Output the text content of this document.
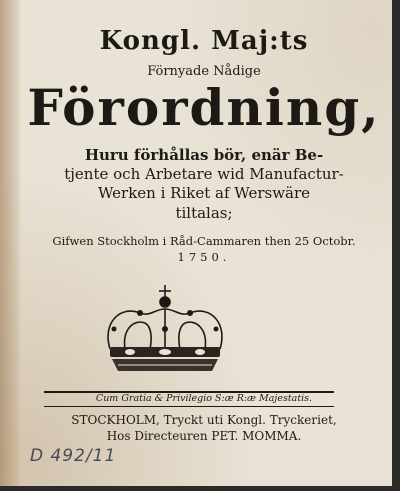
Kongl. Maj:ts
Förnyade Nådige
Förordning,
Huru förhållas bör, enär Be-
tjente och Arbetare wid Manufactur-
Werken i Riket af Werswäre
tiltalas;
Gifwen Stockholm i Råd-Cammaren then 25 Octobr.
1750.
Cum Gratia & Privilegio S:æ R:æ Majestatis.
STOCKHOLM, Tryckt uti Kongl. Tryckeriet,
Hos Directeuren PET. MOMMA.
D 492/11
